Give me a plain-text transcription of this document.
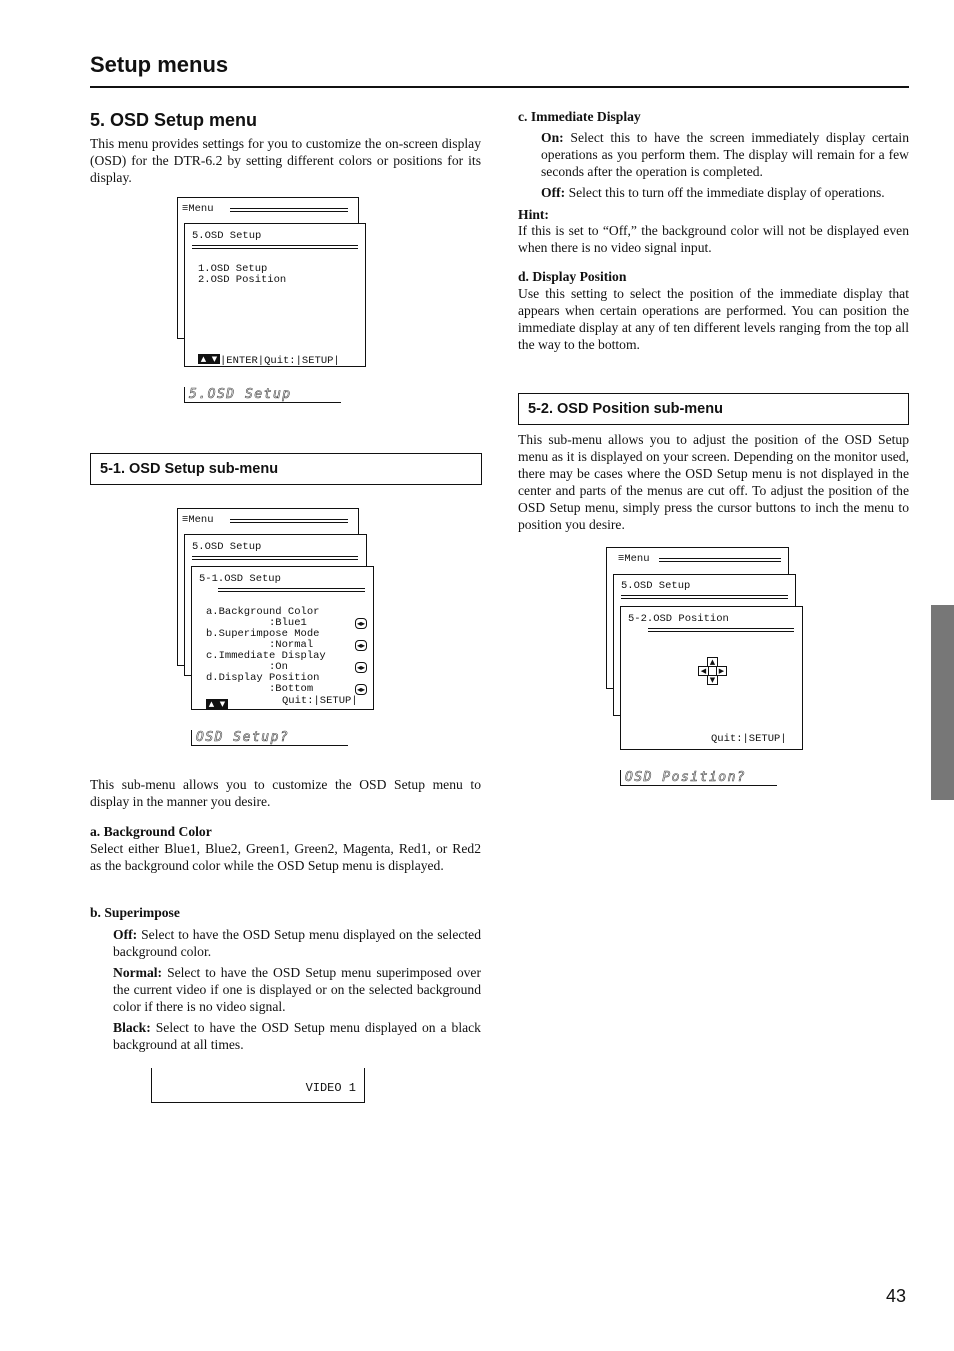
Setup menus
5. OSD Setup menu
This menu provides settings for you to customize the on-screen display (OSD) for the DTR-6.2 by setting different colors or positions for its display.
≡Menu
5.OSD Setup
1.OSD Setup
2.OSD Position
▲ ▼ |ENTER|Quit:|SETUP|
5.OSD Setup
5-1. OSD Setup sub-menu
≡Menu
5.OSD Setup
5-1.OSD Setup
a.Background Color
:Blue1	◂▸
b.Superimpose Mode
:Normal	◂▸
c.Immediate Display
:On	◂▸
d.Display Position
:Bottom	◂▸
▲ ▼	Quit:|SETUP|
OSD Setup?
This sub-menu allows you to customize the OSD Setup menu to display in the manner you desire.
a. Background Color
Select either Blue1, Blue2, Green1, Green2, Magenta, Red1, or Red2 as the background color while the OSD Setup menu is displayed.
b. Superimpose
Off: Select to have the OSD Setup menu displayed on the selected background color.
Normal: Select to have the OSD Setup menu superimposed over the current video if one is displayed or on the selected background color if there is no video signal.
Black: Select to have the OSD Setup menu displayed on a black background at all times.
VIDEO 1
c. Immediate Display
On: Select this to have the screen immediately display certain operations as you perform them. The display will remain for a few seconds after the operation is completed.
Off: Select this to turn off the immediate display of operations.
Hint:
If this is set to “Off,” the background color will not be displayed even when there is no video signal input.
d. Display Position
Use this setting to select the position of the immediate display that appears when certain operations are performed. You can position the immediate display at any of ten different levels ranging from the top all the way to the bottom.
5-2. OSD Position sub-menu
This sub-menu allows you to adjust the position of the OSD Setup menu as it is displayed on your screen. Depending on the monitor used, there may be cases where the OSD Setup menu is not displayed in the center and parts of the menus are cut off. To adjust the position of the OSD Setup menu, simply press the cursor buttons to inch the menu to position you desire.
≡Menu
5.OSD Setup
5-2.OSD Position
▲
◀	▶
▼
Quit:|SETUP|
OSD Position?
43
